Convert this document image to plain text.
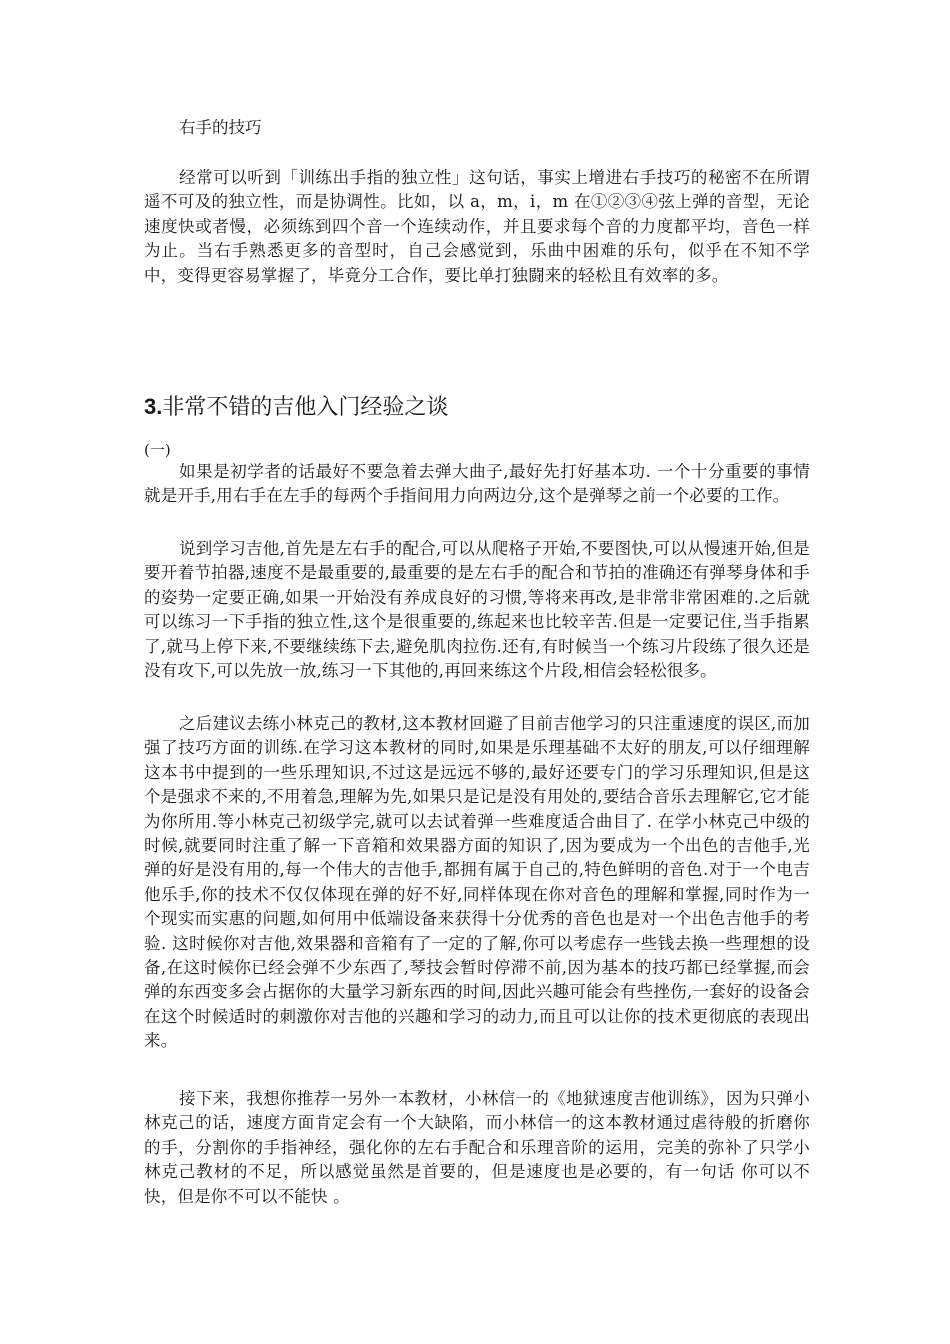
右手的技巧

经常可以听到「训练出手指的独立性」这句话，事实上增进右手技巧的秘密不在所谓遥不可及的独立性，而是协调性。比如，以 a，m，i，m 在①②③④弦上弹的音型，无论速度快或者慢，必须练到四个音一个连续动作，并且要求每个音的力度都平均，音色一样为止。当右手熟悉更多的音型时，自己会感觉到，乐曲中困难的乐句，似乎在不知不学中，变得更容易掌握了，毕竟分工合作，要比单打独闘来的轻松且有效率的多。

3.非常不错的吉他入门经验之谈

(一)

如果是初学者的话最好不要急着去弹大曲子,最好先打好基本功. 一个十分重要的事情就是开手,用右手在左手的每两个手指间用力向两边分,这个是弹琴之前一个必要的工作。

说到学习吉他,首先是左右手的配合,可以从爬格子开始,不要图快,可以从慢速开始,但是要开着节拍器,速度不是最重要的,最重要的是左右手的配合和节拍的准确还有弹琴身体和手的姿势一定要正确,如果一开始没有养成良好的习惯,等将来再改,是非常非常困难的.之后就可以练习一下手指的独立性,这个是很重要的,练起来也比较辛苦.但是一定要记住,当手指累了,就马上停下来,不要继续练下去,避免肌肉拉伤.还有,有时候当一个练习片段练了很久还是没有攻下,可以先放一放,练习一下其他的,再回来练这个片段,相信会轻松很多。

之后建议去练小林克己的教材,这本教材回避了目前吉他学习的只注重速度的误区,而加强了技巧方面的训练.在学习这本教材的同时,如果是乐理基础不太好的朋友,可以仔细理解这本书中提到的一些乐理知识,不过这是远远不够的,最好还要专门的学习乐理知识,但是这个是强求不来的,不用着急,理解为先,如果只是记是没有用处的,要结合音乐去理解它,它才能为你所用.等小林克己初级学完,就可以去试着弹一些难度适合曲目了. 在学小林克己中级的时候,就要同时注重了解一下音箱和效果器方面的知识了,因为要成为一个出色的吉他手,光弹的好是没有用的,每一个伟大的吉他手,都拥有属于自己的,特色鲜明的音色.对于一个电吉他乐手,你的技术不仅仅体现在弹的好不好,同样体现在你对音色的理解和掌握,同时作为一个现实而实惠的问题,如何用中低端设备来获得十分优秀的音色也是对一个出色吉他手的考验. 这时候你对吉他,效果器和音箱有了一定的了解,你可以考虑存一些钱去换一些理想的设备,在这时候你已经会弹不少东西了,琴技会暂时停滞不前,因为基本的技巧都已经掌握,而会弹的东西变多会占据你的大量学习新东西的时间,因此兴趣可能会有些挫伤,一套好的设备会在这个时候适时的刺激你对吉他的兴趣和学习的动力,而且可以让你的技术更彻底的表现出来。

接下来，我想你推荐一另外一本教材，小林信一的《地狱速度吉他训练》，因为只弹小林克己的话，速度方面肯定会有一个大缺陷，而小林信一的这本教材通过虐待般的折磨你的手，分割你的手指神经，强化你的左右手配合和乐理音阶的运用，完美的弥补了只学小林克己教材的不足，所以感觉虽然是首要的，但是速度也是必要的，有一句话 你可以不快，但是你不可以不能快 。
